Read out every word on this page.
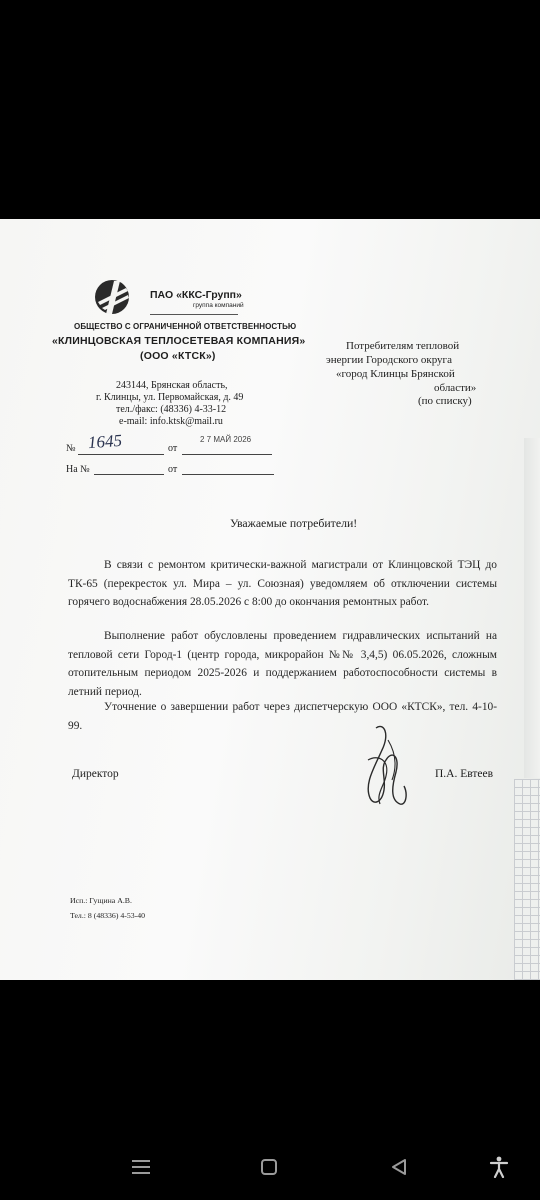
ПАО «ККС-Групп»
группа компаний
ОБЩЕСТВО С ОГРАНИЧЕННОЙ ОТВЕТСТВЕННОСТЬЮ
«КЛИНЦОВСКАЯ ТЕПЛОСЕТЕВАЯ КОМПАНИЯ»
(ООО «КТСК»)
243144, Брянская область,
г. Клинцы, ул. Первомайская, д. 49
тел./факс: (48336) 4-33-12
e-mail: info.ktsk@mail.ru
Потребителям тепловой
энергии Городского округа
«город Клинцы Брянской
области»
(по списку)
№ 1645	от
2 7 МАЙ 2026
На №	от
Уважаемые потребители!
В связи с ремонтом критически-важной магистрали от Клинцовской ТЭЦ до ТК-65 (перекресток ул. Мира – ул. Союзная) уведомляем об отключении системы горячего водоснабжения 28.05.2026 с 8:00 до окончания ремонтных работ.
Выполнение работ обусловлены проведением гидравлических испытаний на тепловой сети Город-1 (центр города, микрорайон №№ 3,4,5) 06.05.2026, сложным отопительным периодом 2025-2026 и поддержанием работоспособности системы в летний период.
Уточнение о завершении работ через диспетчерскую ООО «КТСК», тел. 4-10-99.
Директор	П.А. Евтеев
Исп.: Гущина А.В.
Тел.: 8 (48336) 4-53-40
